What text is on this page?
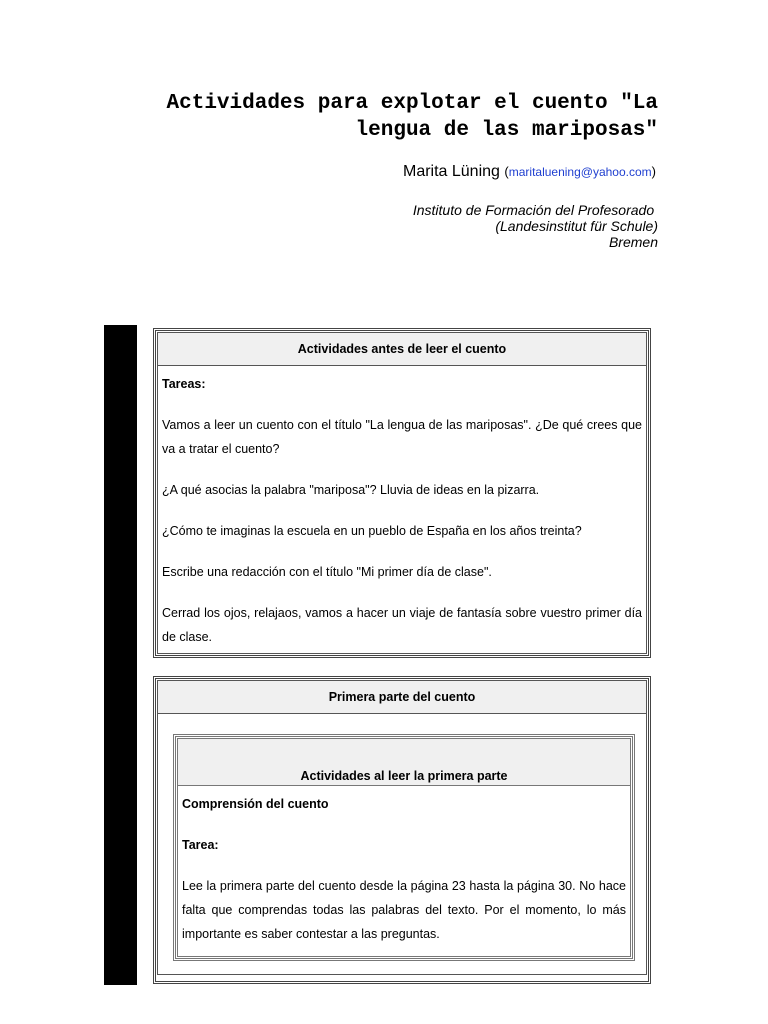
Actividades para explotar el cuento "La
lengua de las mariposas"
Marita Lüning (maritaluening@yahoo.com)
Instituto de Formación del Profesorado
(Landesinstitut für Schule)
Bremen
Actividades antes de leer el cuento

Tareas:

Vamos a leer un cuento con el título "La lengua de las mariposas". ¿De qué crees que va a tratar el cuento?

¿A qué asocias la palabra "mariposa"? Lluvia de ideas en la pizarra.

¿Cómo te imaginas la escuela en un pueblo de España en los años treinta?

Escribe una redacción con el título "Mi primer día de clase".

Cerrad los ojos, relajaos, vamos a hacer un viaje de fantasía sobre vuestro primer día de clase.

Primera parte del cuento
Actividades al leer la primera parte

Comprensión del cuento

Tarea:

Lee la primera parte del cuento desde la página 23 hasta la página 30. No hace falta que comprendas todas las palabras del texto. Por el momento, lo más importante es saber contestar a las preguntas.
